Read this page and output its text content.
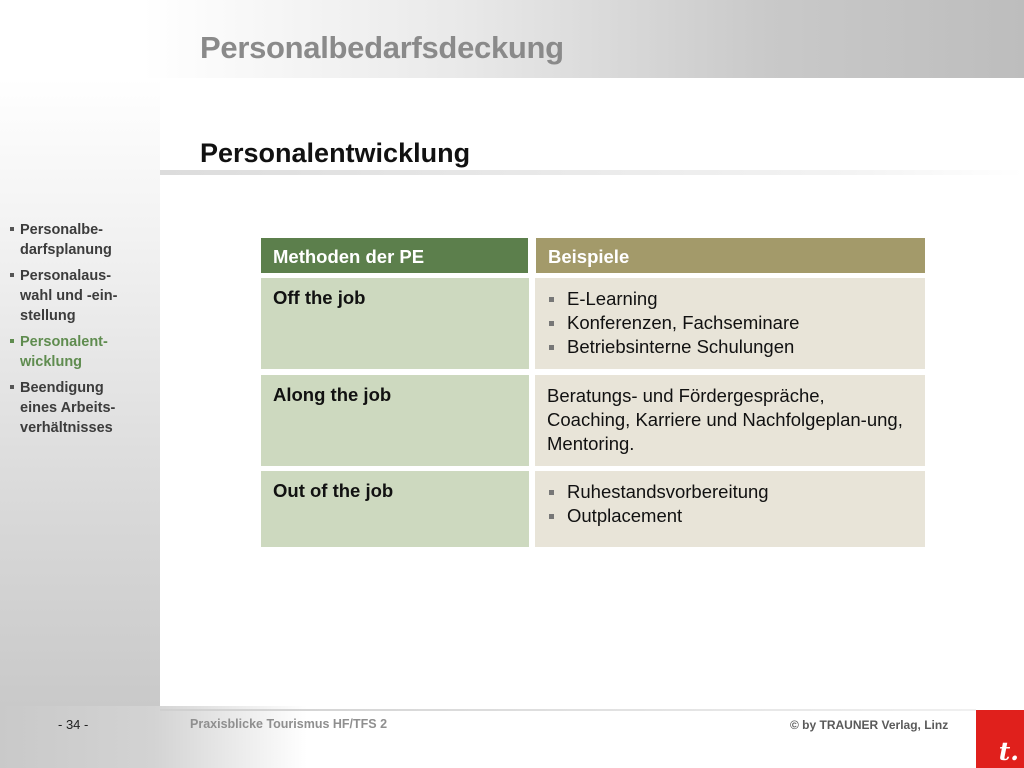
Personalbedarfsdeckung
Personalbe-
darfsplanung
Personalaus-
wahl und -ein-
stellung
Personalent-
wicklung
Beendigung
eines Arbeits-
verhältnisses
Personalentwicklung
Methoden der PE	Beispiele
Off the job	E-Learning
Konferenzen, Fachseminare
Betriebsinterne Schulungen
Along the job	Beratungs- und Fördergespräche, Coaching, Karriere und Nachfolgeplan-ung, Mentoring.
Out of the job	Ruhestandsvorbereitung
Outplacement
- 34 -	Praxisblicke Tourismus HF/TFS 2	© by TRAUNER Verlag, Linz
t.
